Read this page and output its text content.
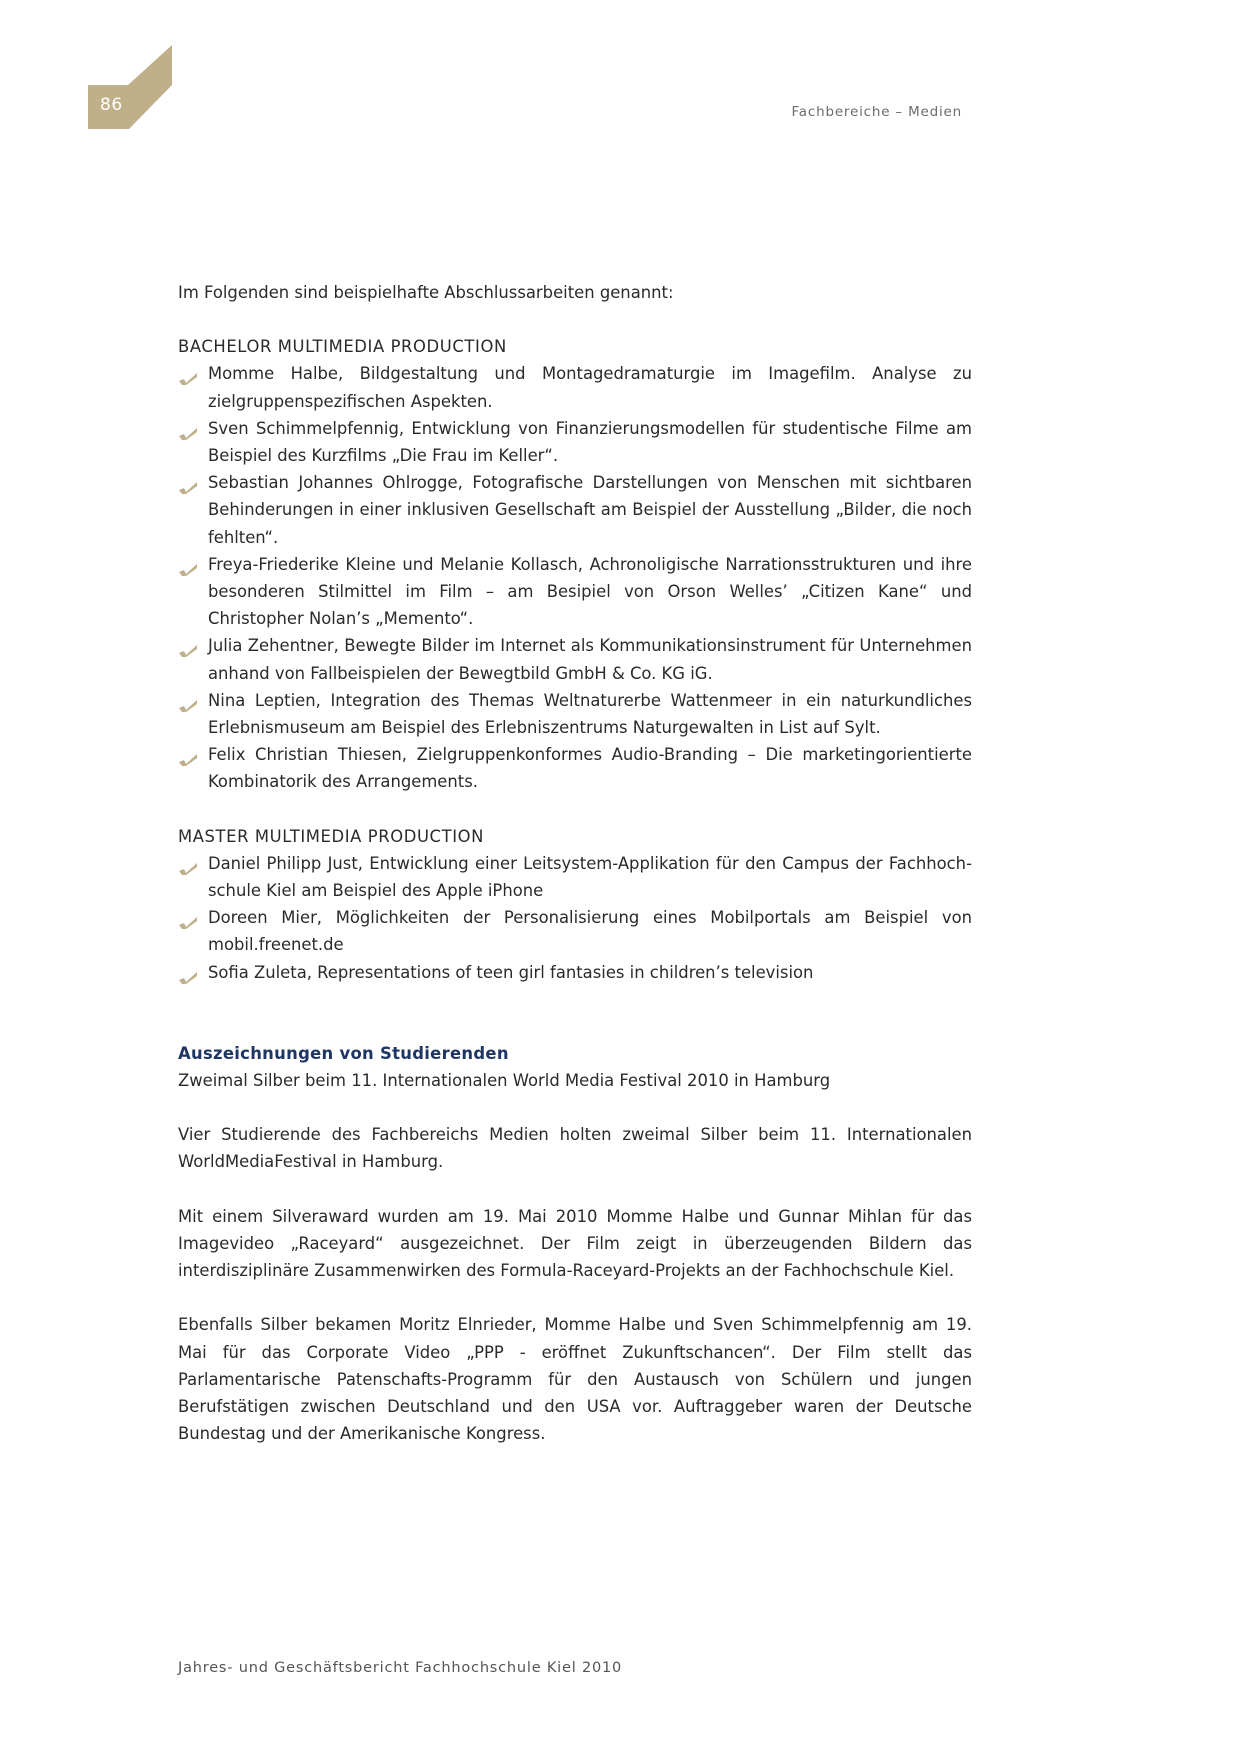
86	Fachbereiche – Medien

Im Folgenden sind beispielhafte Abschlussarbeiten genannt:

BACHELOR MULTIMEDIA PRODUCTION

Momme Halbe, Bildgestaltung und Montagedramaturgie im Imagefilm. Analyse zu zielgruppenspezifischen Aspekten.
Sven Schimmelpfennig, Entwicklung von Finanzierungsmodellen für studentische Filme am Beispiel des Kurzfilms „Die Frau im Keller“.
Sebastian Johannes Ohlrogge, Fotografische Darstellungen von Menschen mit sichtbaren Behinderungen in einer inklusiven Gesellschaft am Beispiel der Ausstellung „Bilder, die noch fehlten“.
Freya-Friederike Kleine und Melanie Kollasch, Achronoligische Narrationsstrukturen und ihre besonderen Stilmittel im Film – am Besipiel von Orson Welles’ „Citizen Kane“ und Christopher Nolan’s „Memento“.
Julia Zehentner, Bewegte Bilder im Internet als Kommunikationsinstrument für Unternehmen anhand von Fallbeispielen der Bewegtbild GmbH & Co. KG iG.
Nina Leptien, Integration des Themas Weltnaturerbe Wattenmeer in ein naturkundliches Erlebnismuseum am Beispiel des Erlebniszentrums Naturgewalten in List auf Sylt.
Felix Christian Thiesen, Zielgruppenkonformes Audio-Branding – Die marketingorientierte Kombinatorik des Arrangements.

MASTER MULTIMEDIA PRODUCTION

Daniel Philipp Just, Entwicklung einer Leitsystem-Applikation für den Campus der Fachhochschule Kiel am Beispiel des Apple iPhone
Doreen Mier, Möglichkeiten der Personalisierung eines Mobilportals am Beispiel von mobil.freenet.de
Sofia Zuleta, Representations of teen girl fantasies in children’s television

Auszeichnungen von Studierenden

Zweimal Silber beim 11. Internationalen World Media Festival 2010 in Hamburg

Vier Studierende des Fachbereichs Medien holten zweimal Silber beim 11. Internationalen WorldMediaFestival in Hamburg.

Mit einem Silveraward wurden am 19. Mai 2010 Momme Halbe und Gunnar Mihlan für das Imagevideo „Raceyard“ ausgezeichnet. Der Film zeigt in überzeugenden Bildern das interdisziplinäre Zusammenwirken des Formula-Raceyard-Projekts an der Fachhochschule Kiel.

Ebenfalls Silber bekamen Moritz Elnrieder, Momme Halbe und Sven Schimmelpfennig am 19. Mai für das Corporate Video „PPP - eröffnet Zukunftschancen“. Der Film stellt das Parlamentarische Patenschafts-Programm für den Austausch von Schülern und jungen Berufstätigen zwischen Deutschland und den USA vor. Auftraggeber waren der Deutsche Bundestag und der Amerikanische Kongress.

Jahres- und Geschäftsbericht Fachhochschule Kiel 2010
